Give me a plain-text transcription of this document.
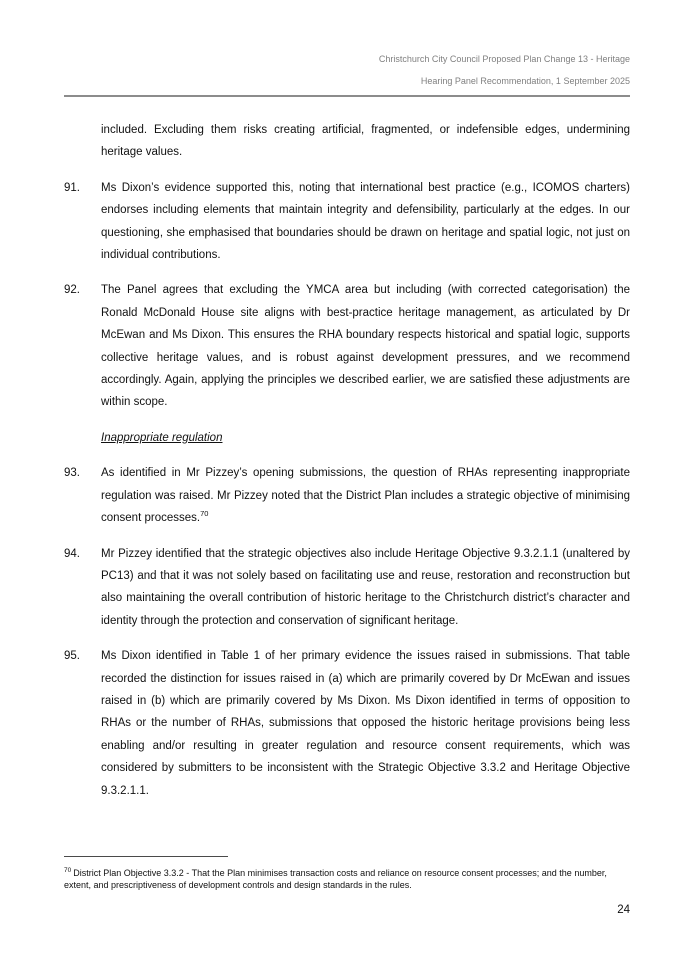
Christchurch City Council Proposed Plan Change 13 - Heritage
Hearing Panel Recommendation, 1 September 2025
included. Excluding them risks creating artificial, fragmented, or indefensible edges, undermining heritage values.
91.	Ms Dixon’s evidence supported this, noting that international best practice (e.g., ICOMOS charters) endorses including elements that maintain integrity and defensibility, particularly at the edges. In our questioning, she emphasised that boundaries should be drawn on heritage and spatial logic, not just on individual contributions.
92.	The Panel agrees that excluding the YMCA area but including (with corrected categorisation) the Ronald McDonald House site aligns with best-practice heritage management, as articulated by Dr McEwan and Ms Dixon. This ensures the RHA boundary respects historical and spatial logic, supports collective heritage values, and is robust against development pressures, and we recommend accordingly. Again, applying the principles we described earlier, we are satisfied these adjustments are within scope.
Inappropriate regulation
93.	As identified in Mr Pizzey’s opening submissions, the question of RHAs representing inappropriate regulation was raised. Mr Pizzey noted that the District Plan includes a strategic objective of minimising consent processes.$^{70}$
94.	Mr Pizzey identified that the strategic objectives also include Heritage Objective 9.3.2.1.1 (unaltered by PC13) and that it was not solely based on facilitating use and reuse, restoration and reconstruction but also maintaining the overall contribution of historic heritage to the Christchurch district’s character and identity through the protection and conservation of significant heritage.
95.	Ms Dixon identified in Table 1 of her primary evidence the issues raised in submissions. That table recorded the distinction for issues raised in (a) which are primarily covered by Dr McEwan and issues raised in (b) which are primarily covered by Ms Dixon. Ms Dixon identified in terms of opposition to RHAs or the number of RHAs, submissions that opposed the historic heritage provisions being less enabling and/or resulting in greater regulation and resource consent requirements, which was considered by submitters to be inconsistent with the Strategic Objective 3.3.2 and Heritage Objective 9.3.2.1.1.
$^{70}$ District Plan Objective 3.3.2 - That the Plan minimises transaction costs and reliance on resource consent processes; and the number, extent, and prescriptiveness of development controls and design standards in the rules.
24
